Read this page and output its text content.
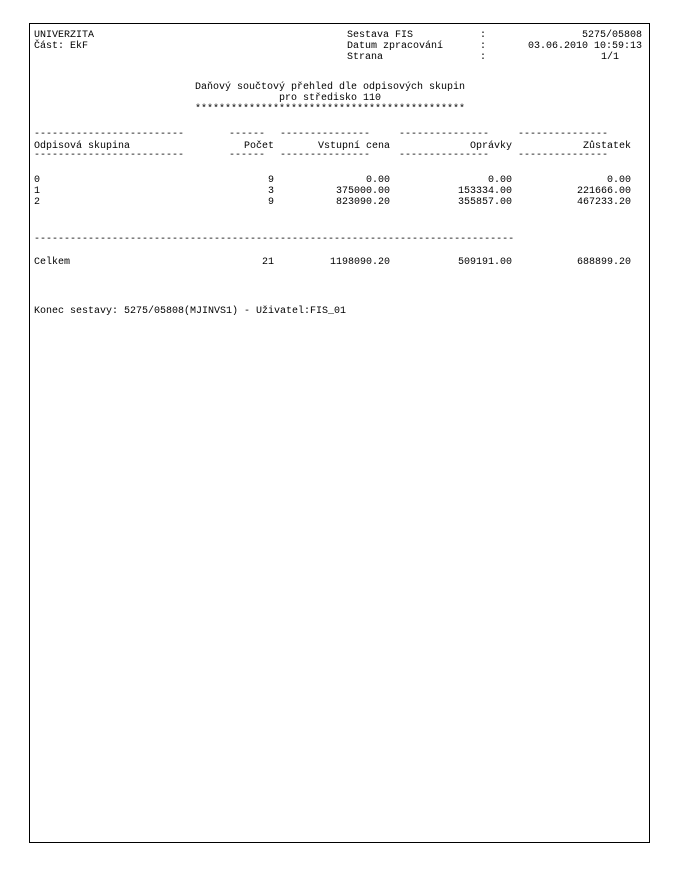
UNIVERZITA
Část: EkF
Sestava FIS	:	5275/05808
Datum zpracování	:	03.06.2010 10:59:13
Strana	:	1/1
Daňový součtový přehled dle odpisových skupin
pro středisko 110
*********************************************
-------------------------	------ ---------------	---------------	---------------
Odpisová skupina	Počet	Vstupní cena	Oprávky	Zůstatek
-------------------------	------ ---------------	---------------	---------------
0	9	0.00	0.00	0.00
1	3	375000.00	153334.00	221666.00
2	9	823090.20	355857.00	467233.20
--------------------------------------------------------------------------------
Celkem	21	1198090.20	509191.00	688899.20
Konec sestavy: 5275/05808(MJINVS1) - Uživatel:FIS_01
